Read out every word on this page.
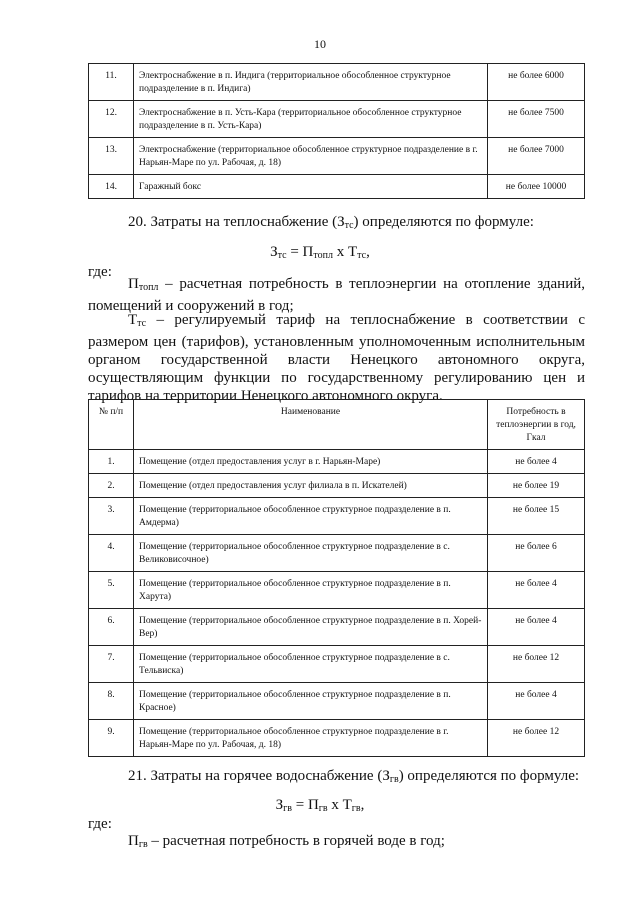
10
11.	Электроснабжение в п. Индига (территориальное обособленное структурное подразделение в п. Индига)	не более 6000
12.	Электроснабжение в п. Усть-Кара (территориальное обособленное структурное подразделение в п. Усть-Кара)	не более 7500
13.	Электроснабжение (территориальное обособленное структурное подразделение в г. Нарьян-Маре по ул. Рабочая, д. 18)	не более 7000
14.	Гаражный бокс	не более 10000
20. Затраты на теплоснабжение $(З_{тс})$ определяются по формуле:
$З_{тс} = П_{топл}$ x $Т_{тс}$,
где:
$П_{топл}$ – расчетная потребность в теплоэнергии на отопление зданий, помещений и сооружений в год;
$Т_{тс}$ – регулируемый тариф на теплоснабжение в соответствии с размером цен (тарифов), установленным уполномоченным исполнительным органом государственной власти Ненецкого автономного округа, осуществляющим функции по государственному регулированию цен и тарифов на территории Ненецкого автономного округа.
№ п/п	Наименование	Потребность в теплоэнергии в год, Гкал
1.	Помещение (отдел предоставления услуг в г. Нарьян-Маре)	не более 4
2.	Помещение (отдел предоставления услуг филиала в п. Искателей)	не более 19
3.	Помещение (территориальное обособленное структурное подразделение в п. Амдерма)	не более 15
4.	Помещение (территориальное обособленное структурное подразделение в с. Великовисочное)	не более 6
5.	Помещение (территориальное обособленное структурное подразделение в п. Харута)	не более 4
6.	Помещение (территориальное обособленное структурное подразделение в п. Хорей-Вер)	не более 4
7.	Помещение (территориальное обособленное структурное подразделение в с. Тельвиска)	не более 12
8.	Помещение (территориальное обособленное структурное подразделение в п. Красное)	не более 4
9.	Помещение (территориальное обособленное структурное подразделение в г. Нарьян-Маре по ул. Рабочая, д. 18)	не более 12
21. Затраты на горячее водоснабжение $(З_{гв})$ определяются по формуле:
$З_{гв} = П_{гв}$ x $Т_{гв}$,
где:
$П_{гв}$ – расчетная потребность в горячей воде в год;
